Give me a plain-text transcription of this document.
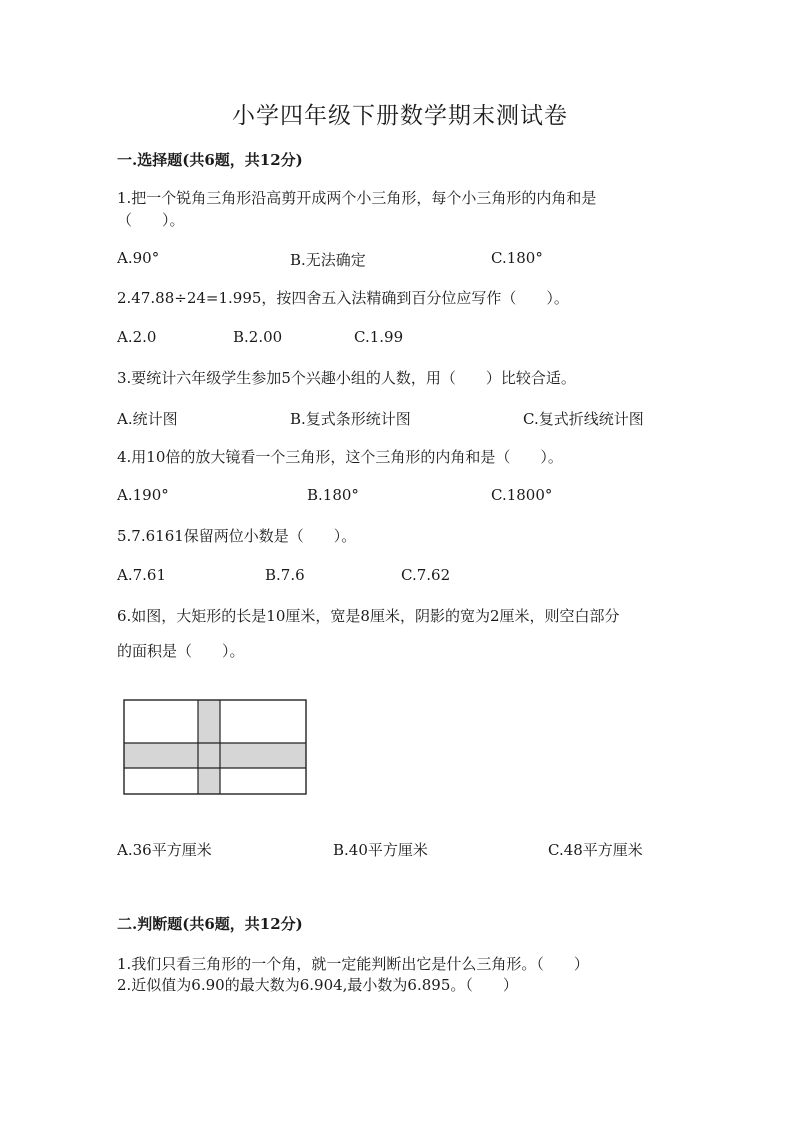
小学四年级下册数学期末测试卷
一.选择题(共6题，共12分)
1.把一个锐角三角形沿高剪开成两个小三角形，每个小三角形的内角和是
（　　）。
A.90°	B.无法确定	C.180°
2.47.88÷24=1.995，按四舍五入法精确到百分位应写作（　　）。
A.2.0	B.2.00	C.1.99
3.要统计六年级学生参加5个兴趣小组的人数，用（　　）比较合适。
A.统计图	B.复式条形统计图	C.复式折线统计图
4.用10倍的放大镜看一个三角形，这个三角形的内角和是（　　）。
A.190°	B.180°	C.1800°
5.7.6161保留两位小数是（　　）。
A.7.61	B.7.6	C.7.62
6.如图，大矩形的长是10厘米，宽是8厘米，阴影的宽为2厘米，则空白部分
的面积是（　　）。
A.36平方厘米	B.40平方厘米	C.48平方厘米
二.判断题(共6题，共12分)
1.我们只看三角形的一个角，就一定能判断出它是什么三角形。（　　）
2.近似值为6.90的最大数为6.904,最小数为6.895。（　　）
